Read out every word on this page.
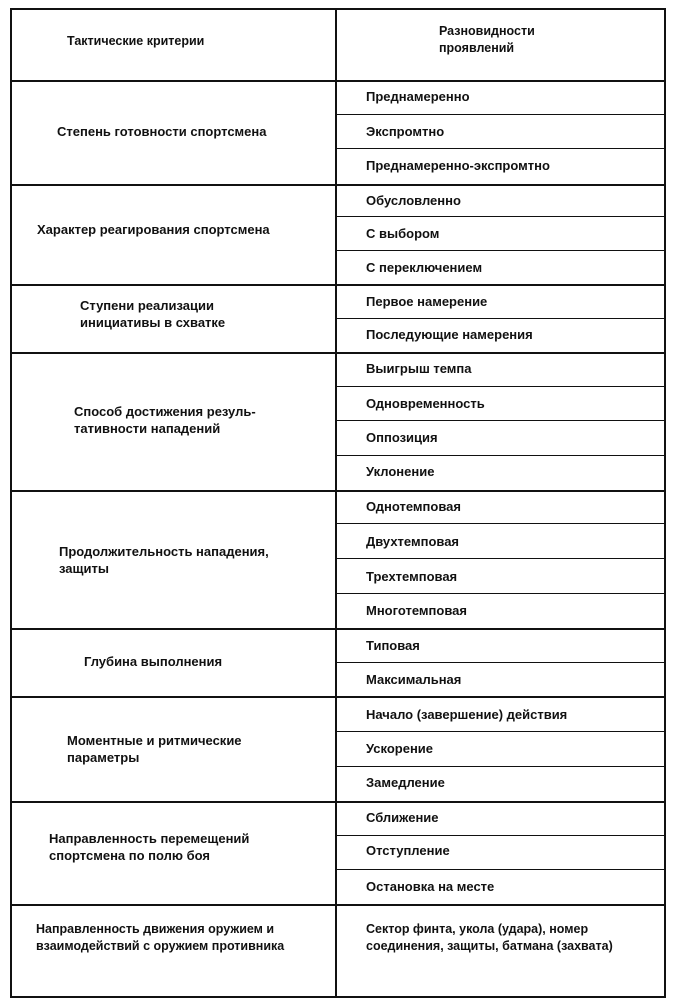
Тактические критерии
Разновидности проявлений
Степень готовности спортсмена
Характер реагирования спортсмена
Ступени реализации инициативы в схватке
Способ достижения резуль-тативности нападений
Продолжительность нападения, защиты
Глубина выполнения
Моментные и ритмические параметры
Направленность перемещений спортсмена по полю боя
Направленность движения оружием и взаимодействий с оружием противника
Преднамеренно
Экспромтно
Преднамеренно-экспромтно
Обусловленно
С выбором
С переключением
Первое намерение
Последующие намерения
Выигрыш темпа
Одновременность
Оппозиция
Уклонение
Однотемповая
Двухтемповая
Трехтемповая
Многотемповая
Типовая
Максимальная
Начало (завершение) действия
Ускорение
Замедление
Сближение
Отступление
Остановка на месте
Сектор финта, укола (удара), номер соединения, защиты, батмана (захвата)
